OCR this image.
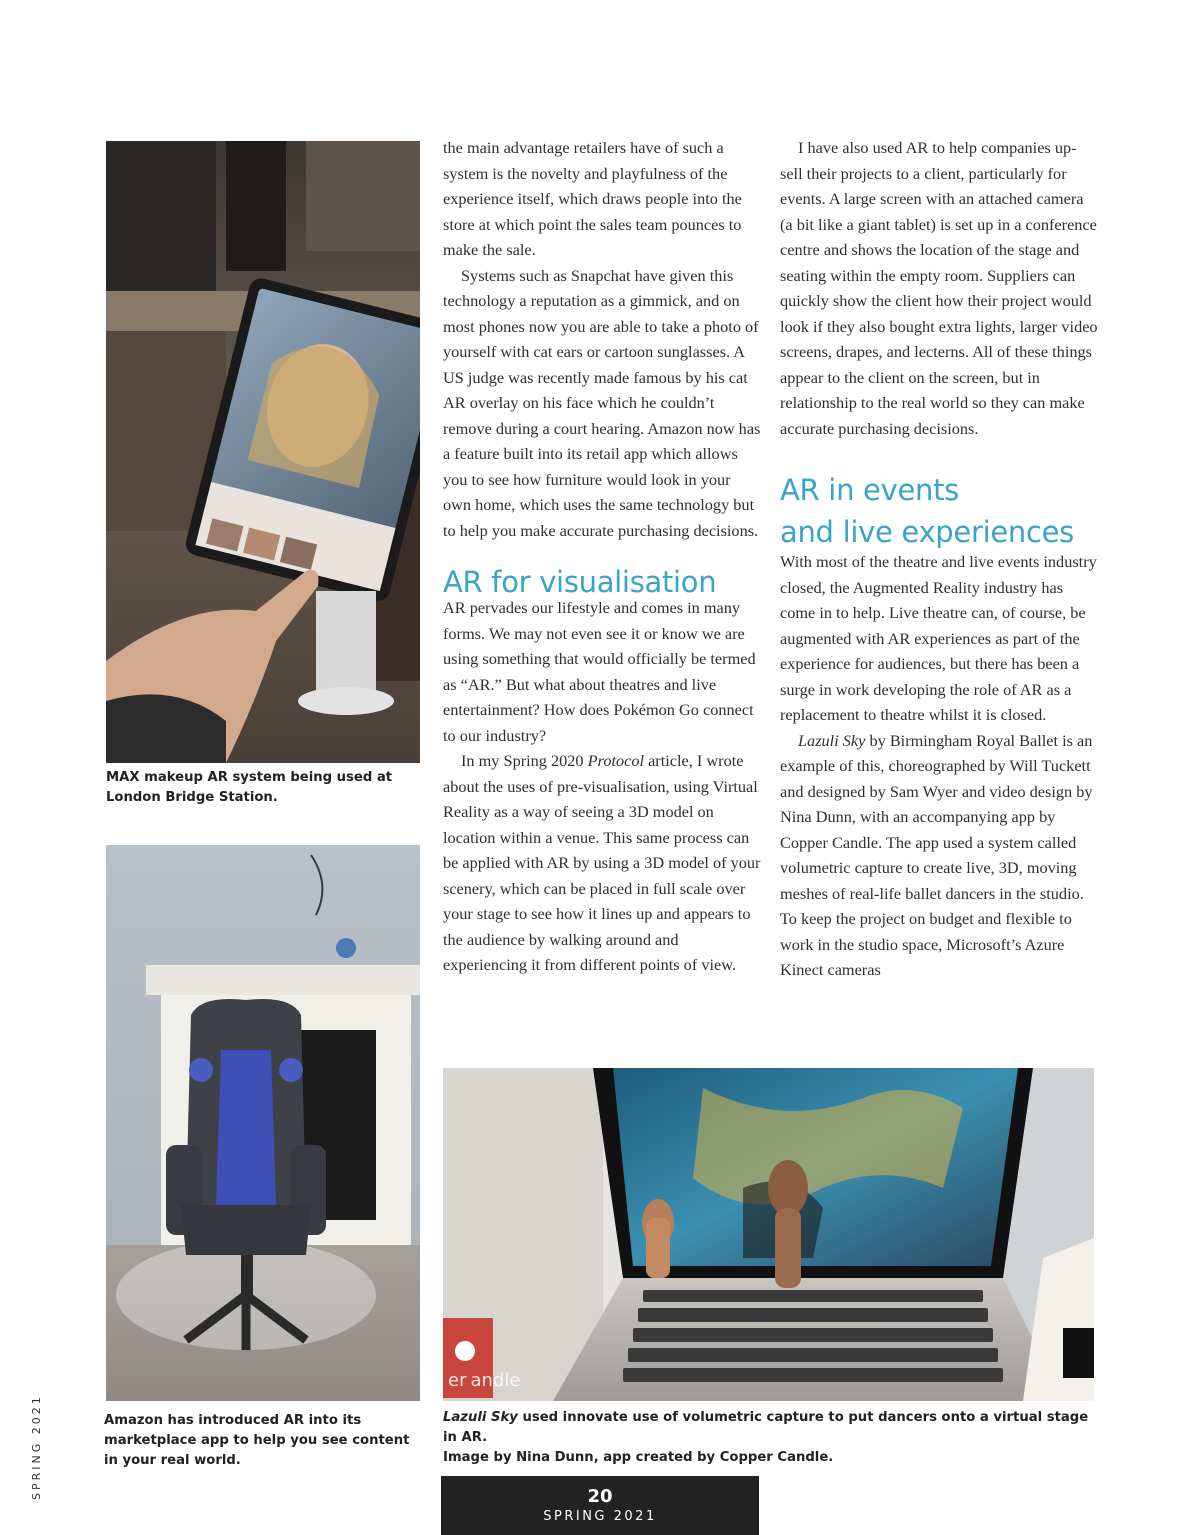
MAX makeup AR system being used at London Bridge Station.

Amazon has introduced AR into its marketplace app to help you see content in your real world.

er andle

Lazuli Sky used innovate use of volumetric capture to put dancers onto a virtual stage in AR.
Image by Nina Dunn, app created by Copper Candle.

the main advantage retailers have of such a system is the novelty and playfulness of the experience itself, which draws people into the store at which point the sales team pounces to make the sale.

Systems such as Snapchat have given this technology a reputation as a gimmick, and on most phones now you are able to take a photo of yourself with cat ears or cartoon sunglasses. A US judge was recently made famous by his cat AR overlay on his face which he couldn’t remove during a court hearing. Amazon now has a feature built into its retail app which allows you to see how furniture would look in your own home, which uses the same technology but to help you make accurate purchasing decisions.

AR for visualisation

AR pervades our lifestyle and comes in many forms. We may not even see it or know we are using something that would officially be termed as “AR.” But what about theatres and live entertainment? How does Pokémon Go connect to our industry?

In my Spring 2020 Protocol article, I wrote about the uses of pre-visualisation, using Virtual Reality as a way of seeing a 3D model on location within a venue. This same process can be applied with AR by using a 3D model of your scenery, which can be placed in full scale over your stage to see how it lines up and appears to the audience by walking around and experiencing it from different points of view.

I have also used AR to help companies up-sell their projects to a client, particularly for events. A large screen with an attached camera (a bit like a giant tablet) is set up in a conference centre and shows the location of the stage and seating within the empty room. Suppliers can quickly show the client how their project would look if they also bought extra lights, larger video screens, drapes, and lecterns. All of these things appear to the client on the screen, but in relationship to the real world so they can make accurate purchasing decisions.

AR in events
and live experiences

With most of the theatre and live events industry closed, the Augmented Reality industry has come in to help. Live theatre can, of course, be augmented with AR experiences as part of the experience for audiences, but there has been a surge in work developing the role of AR as a replacement to theatre whilst it is closed.

Lazuli Sky by Birmingham Royal Ballet is an example of this, choreographed by Will Tuckett and designed by Sam Wyer and video design by Nina Dunn, with an accompanying app by Copper Candle. The app used a system called volumetric capture to create live, 3D, moving meshes of real-life ballet dancers in the studio. To keep the project on budget and flexible to work in the studio space, Microsoft’s Azure Kinect cameras

SPRING 2021	20
SPRING 2021
